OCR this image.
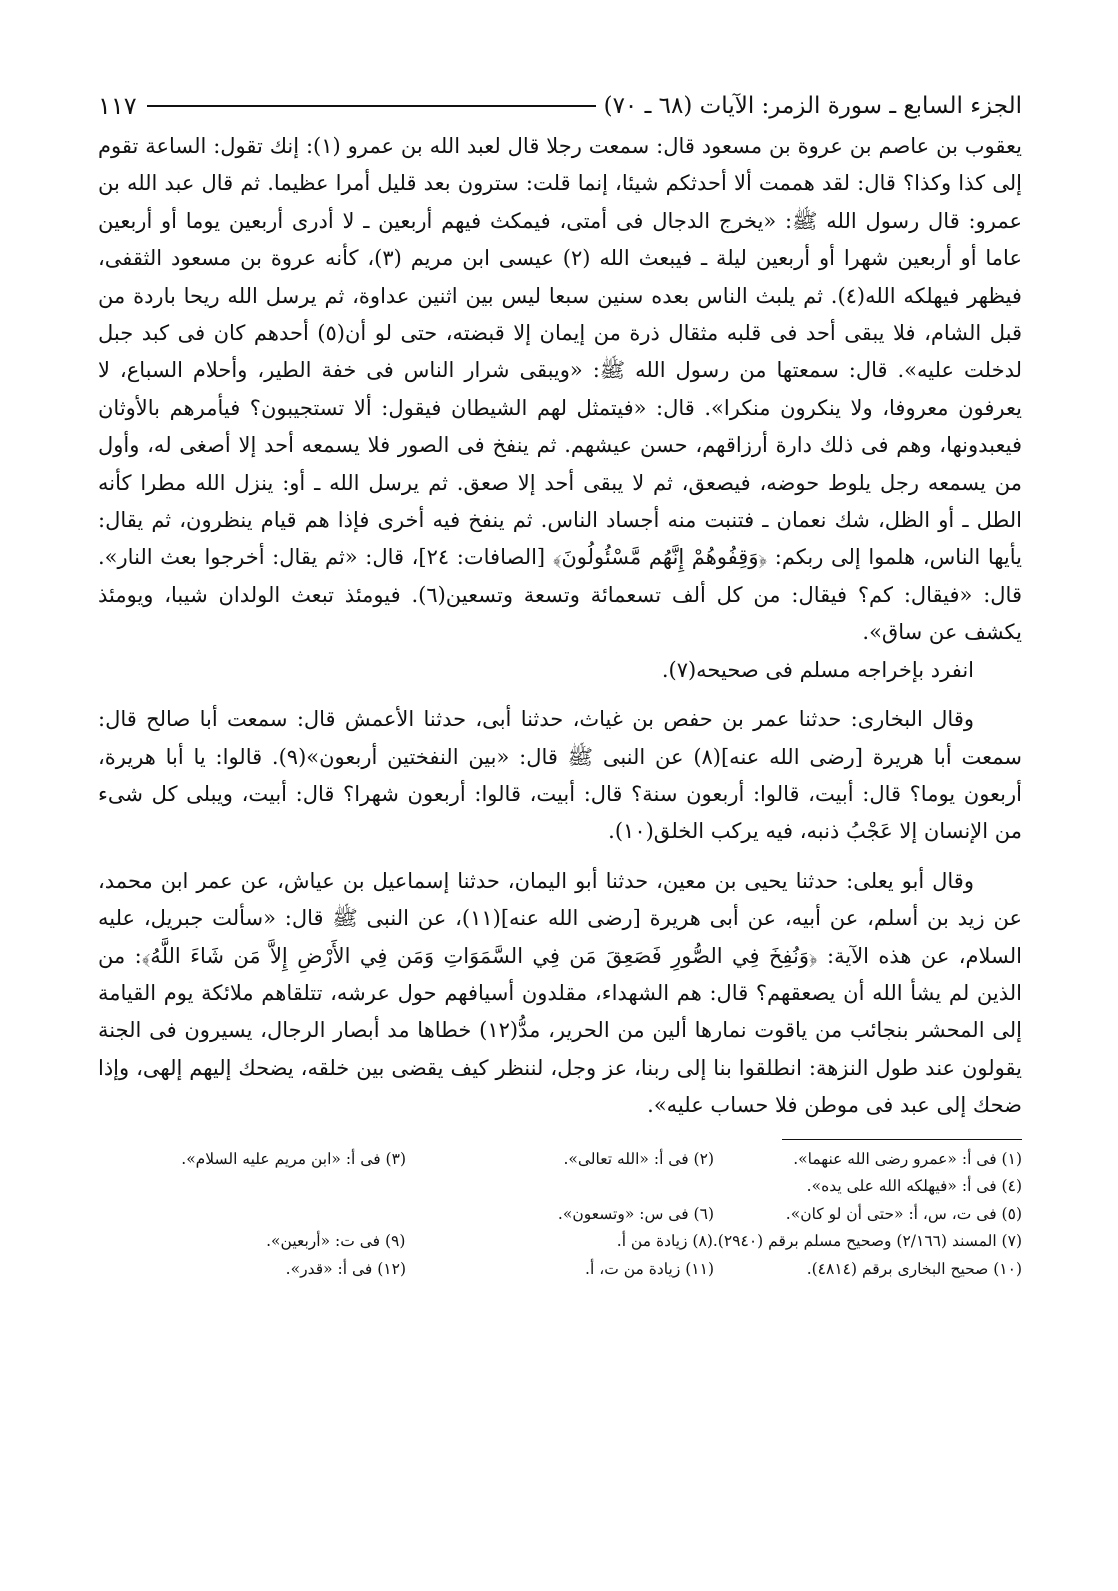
الجزء السابع ـ سورة الزمر: الآيات (٦٨ ـ ٧٠)
١١٧

يعقوب بن عاصم بن عروة بن مسعود قال: سمعت رجلا قال لعبد الله بن عمرو (١): إنك تقول: الساعة تقوم إلى كذا وكذا؟ قال: لقد هممت ألا أحدثكم شيئا، إنما قلت: سترون بعد قليل أمرا عظيما. ثم قال عبد الله بن عمرو: قال رسول الله ﷺ: «يخرج الدجال فى أمتى، فيمكث فيهم أربعين ـ لا أدرى أربعين يوما أو أربعين عاما أو أربعين شهرا أو أربعين ليلة ـ فيبعث الله (٢) عيسى ابن مريم (٣)، كأنه عروة بن مسعود الثقفى، فيظهر فيهلكه الله(٤). ثم يلبث الناس بعده سنين سبعا ليس بين اثنين عداوة، ثم يرسل الله ريحا باردة من قبل الشام، فلا يبقى أحد فى قلبه مثقال ذرة من إيمان إلا قبضته، حتى لو أن(٥) أحدهم كان فى كبد جبل لدخلت عليه». قال: سمعتها من رسول الله ﷺ: «ويبقى شرار الناس فى خفة الطير، وأحلام السباع، لا يعرفون معروفا، ولا ينكرون منكرا». قال: «فيتمثل لهم الشيطان فيقول: ألا تستجيبون؟ فيأمرهم بالأوثان فيعبدونها، وهم فى ذلك دارة أرزاقهم، حسن عيشهم. ثم ينفخ فى الصور فلا يسمعه أحد إلا أصغى له، وأول من يسمعه رجل يلوط حوضه، فيصعق، ثم لا يبقى أحد إلا صعق. ثم يرسل الله ـ أو: ينزل الله مطرا كأنه الطل ـ أو الظل، شك نعمان ـ فتنبت منه أجساد الناس. ثم ينفخ فيه أخرى فإذا هم قيام ينظرون، ثم يقال: يأيها الناس، هلموا إلى ربكم: ﴿وَقِفُوهُمْ إِنَّهُم مَّسْئُولُونَ﴾ [الصافات: ٢٤]، قال: «ثم يقال: أخرجوا بعث النار». قال: «فيقال: كم؟ فيقال: من كل ألف تسعمائة وتسعة وتسعين(٦). فيومئذ تبعث الولدان شيبا، ويومئذ يكشف عن ساق».

انفرد بإخراجه مسلم فى صحيحه(٧).

وقال البخارى: حدثنا عمر بن حفص بن غياث، حدثنا أبى، حدثنا الأعمش قال: سمعت أبا صالح قال: سمعت أبا هريرة [رضى الله عنه](٨) عن النبى ﷺ قال: «بين النفختين أربعون»(٩). قالوا: يا أبا هريرة، أربعون يوما؟ قال: أبيت، قالوا: أربعون سنة؟ قال: أبيت، قالوا: أربعون شهرا؟ قال: أبيت، ويبلى كل شىء من الإنسان إلا عَجْبُ ذنبه، فيه يركب الخلق(١٠).

وقال أبو يعلى: حدثنا يحيى بن معين، حدثنا أبو اليمان، حدثنا إسماعيل بن عياش، عن عمر ابن محمد، عن زيد بن أسلم، عن أبيه، عن أبى هريرة [رضى الله عنه](١١)، عن النبى ﷺ قال: «سألت جبريل، عليه السلام، عن هذه الآية: ﴿وَنُفِخَ فِي الصُّورِ فَصَعِقَ مَن فِي السَّمَوَاتِ وَمَن فِي الأَرْضِ إِلاَّ مَن شَاءَ اللَّهُ﴾: من الذين لم يشأ الله أن يصعقهم؟ قال: هم الشهداء، مقلدون أسيافهم حول عرشه، تتلقاهم ملائكة يوم القيامة إلى المحشر بنجائب من ياقوت نمارها ألين من الحرير، مدُّ(١٢) خطاها مد أبصار الرجال، يسيرون فى الجنة يقولون عند طول النزهة: انطلقوا بنا إلى ربنا، عز وجل، لننظر كيف يقضى بين خلقه، يضحك إليهم إلهى، وإذا ضحك إلى عبد فى موطن فلا حساب عليه».

(١) فى أ: «عمرو رضى الله عنهما».
(٢) فى أ: «الله تعالى».
(٣) فى أ: «ابن مريم عليه السلام».
(٤) فى أ: «فيهلكه الله على يده».
(٥) فى ت، س، أ: «حتى أن لو كان».
(٦) فى س: «وتسعون».
(٧) المسند (٢/١٦٦) وصحيح مسلم برقم (٢٩٤٠).
(٨) زيادة من أ.
(٩) فى ت: «أربعين».
(١٠) صحيح البخارى برقم (٤٨١٤).
(١١) زيادة من ت، أ.
(١٢) فى أ: «قدر».
